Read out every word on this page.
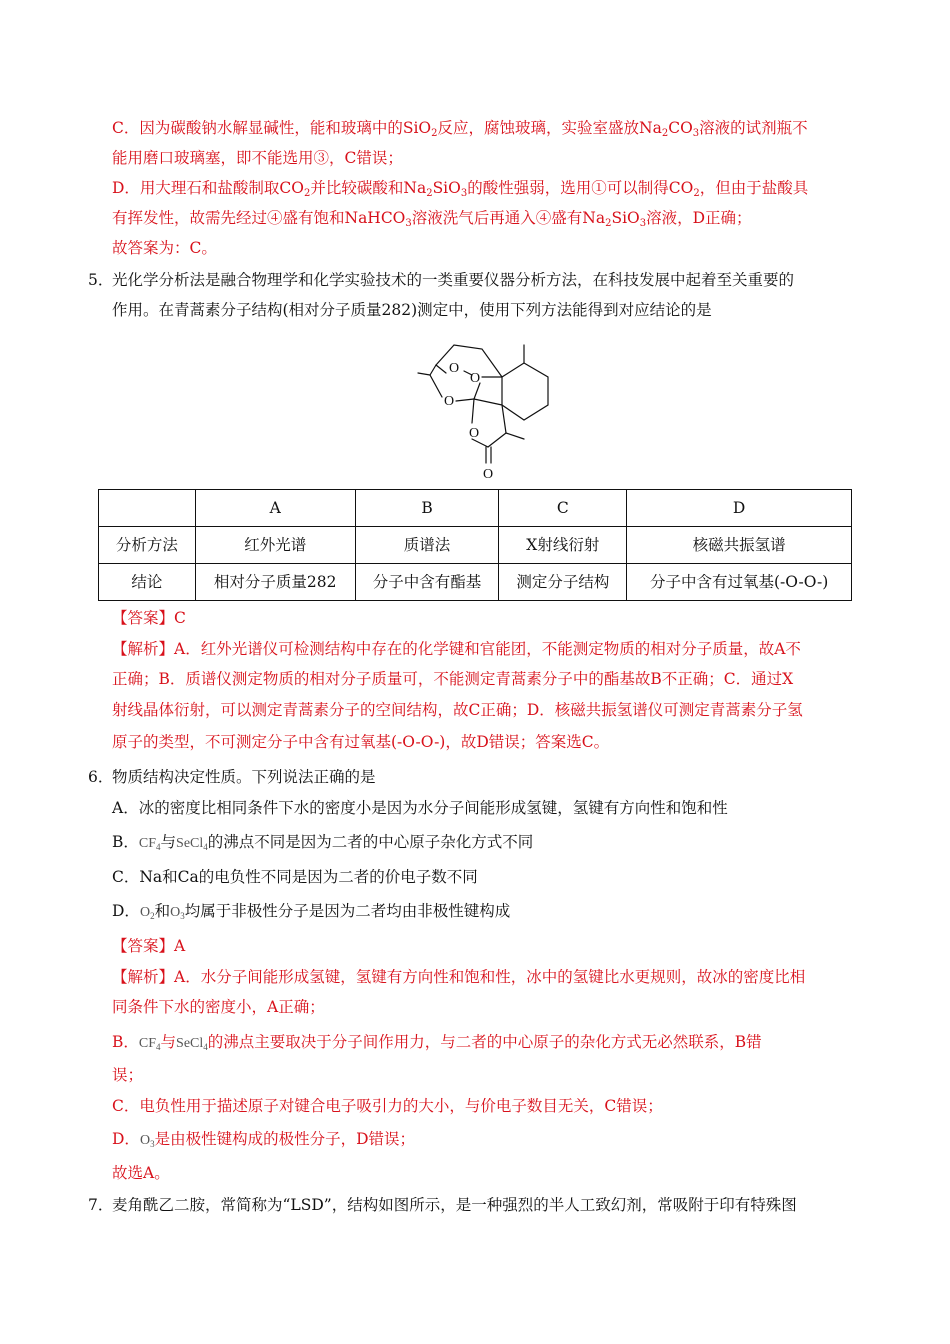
C．因为碳酸钠水解显碱性，能和玻璃中的SiO$_2$反应，腐蚀玻璃，实验室盛放$Na_2CO_3$溶液的试剂瓶不
能用磨口玻璃塞，即不能选用③，C错误；
D．用大理石和盐酸制取$CO_2$并比较碳酸和$Na_2SiO_3$的酸性强弱，选用①可以制得$CO_2$，但由于盐酸具
有挥发性，故需先经过④盛有饱和NaHCO$_3$溶液洗气后再通入④盛有$Na_2SiO_3$溶液，D正确；
故答案为：C。
5．
光化学分析法是融合物理学和化学实验技术的一类重要仪器分析方法，在科技发展中起着至关重要的
作用。在青蒿素分子结构(相对分子质量282)测定中，使用下列方法能得到对应结论的是
O
O
O
O
O
	A	B	C	D
分析方法	红外光谱	质谱法	X射线衍射	核磁共振氢谱
结论	相对分子质量282	分子中含有酯基	测定分子结构	分子中含有过氧基(-O-O-)
【答案】C
【解析】A．红外光谱仪可检测结构中存在的化学键和官能团，不能测定物质的相对分子质量，故A不
正确；B．质谱仪测定物质的相对分子质量可，不能测定青蒿素分子中的酯基故B不正确；C．通过X
射线晶体衍射，可以测定青蒿素分子的空间结构，故C正确；D．核磁共振氢谱仪可测定青蒿素分子氢
原子的类型，不可测定分子中含有过氧基(-O-O-)，故D错误；答案选C。
6．
物质结构决定性质。下列说法正确的是
A．冰的密度比相同条件下水的密度小是因为水分子间能形成氢键，氢键有方向性和饱和性
B．$CF_4$与SeCl$_4$的沸点不同是因为二者的中心原子杂化方式不同
C．Na和Ca的电负性不同是因为二者的价电子数不同
D．$O_2$和$O_3$均属于非极性分子是因为二者均由非极性键构成
【答案】A
【解析】A．水分子间能形成氢键，氢键有方向性和饱和性，冰中的氢键比水更规则，故冰的密度比相
同条件下水的密度小，A正确；
B．$CF_4$与SeCl$_4$的沸点主要取决于分子间作用力，与二者的中心原子的杂化方式无必然联系，B错
误；
C．电负性用于描述原子对键合电子吸引力的大小，与价电子数目无关，C错误；
D．$O_3$是由极性键构成的极性分子，D错误；
故选A。
7．
麦角酰乙二胺，常简称为“LSD”，结构如图所示，是一种强烈的半人工致幻剂，常吸附于印有特殊图
